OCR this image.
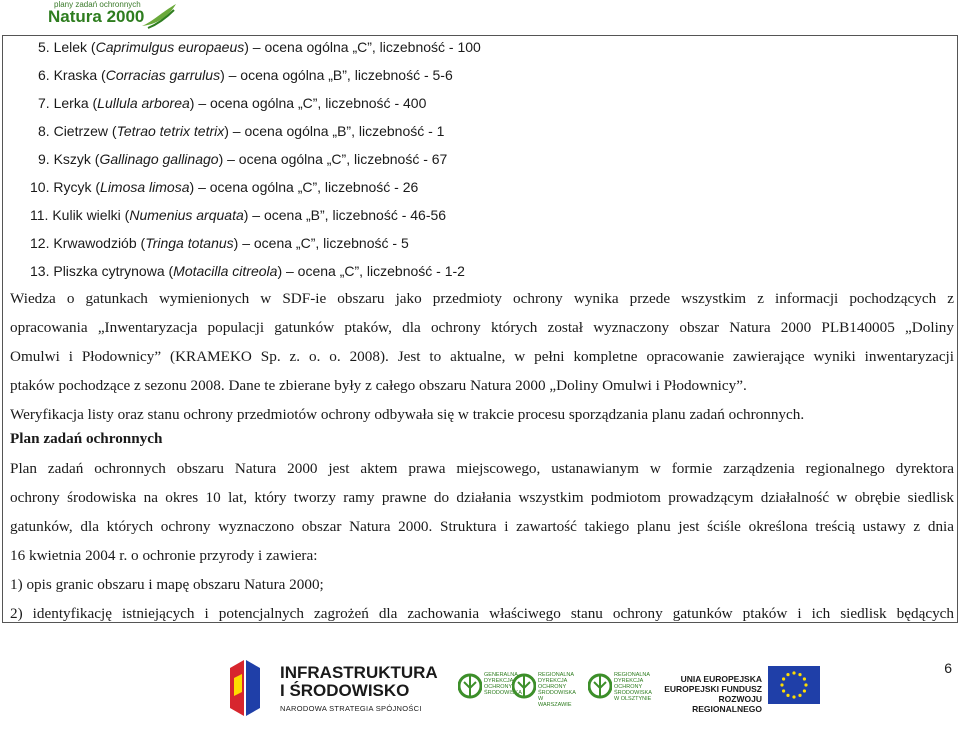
plany zadań ochronnych
Natura 2000
5. Lelek (Caprimulgus europaeus) – ocena ogólna „C”, liczebność - 100
6. Kraska (Corracias garrulus) – ocena ogólna „B”, liczebność - 5-6
7. Lerka (Lullula arborea) – ocena ogólna „C”, liczebność - 400
8. Cietrzew (Tetrao tetrix tetrix) – ocena ogólna „B”, liczebność - 1
9. Kszyk (Gallinago gallinago) – ocena ogólna „C”, liczebność - 67
10. Rycyk (Limosa limosa) – ocena ogólna „C”, liczebność - 26
11. Kulik wielki (Numenius arquata) – ocena „B”, liczebność - 46-56
12. Krwawodziób (Tringa totanus) – ocena „C”, liczebność - 5
13. Pliszka cytrynowa (Motacilla citreola) – ocena „C”, liczebność - 1-2
Wiedza o gatunkach wymienionych w SDF-ie obszaru jako przedmioty ochrony wynika przede wszystkim z informacji pochodzących z
opracowania „Inwentaryzacja populacji gatunków ptaków, dla ochrony których został wyznaczony obszar Natura 2000 PLB140005 „Doliny
Omulwi i Płodownicy” (KRAMEKO Sp. z. o. o. 2008). Jest to aktualne, w pełni kompletne opracowanie zawierające wyniki inwentaryzacji
ptaków pochodzące z sezonu 2008. Dane te zbierane były z całego obszaru Natura 2000 „Doliny Omulwi i Płodownicy”.
Weryfikacja listy oraz stanu ochrony przedmiotów ochrony odbywała się w trakcie procesu sporządzania planu zadań ochronnych.
Plan zadań ochronnych
Plan zadań ochronnych obszaru Natura 2000 jest aktem prawa miejscowego, ustanawianym w formie zarządzenia regionalnego dyrektora
ochrony środowiska na okres 10 lat, który tworzy ramy prawne do działania wszystkim podmiotom prowadzącym działalność w obrębie siedlisk
gatunków, dla których ochrony wyznaczono obszar Natura 2000. Struktura i zawartość takiego planu jest ściśle określona treścią ustawy z dnia
16 kwietnia 2004 r. o ochronie przyrody i zawiera:
1) opis granic obszaru i mapę obszaru Natura 2000;
2) identyfikację istniejących i potencjalnych zagrożeń dla zachowania właściwego stanu ochrony gatunków ptaków i ich siedlisk będących
INFRASTRUKTURA
I ŚRODOWISKO
NARODOWA STRATEGIA SPÓJNOŚCI
GENERALNA DYREKCJA OCHRONY ŚRODOWISKA
REGIONALNA DYREKCJA OCHRONY ŚRODOWISKA W WARSZAWIE
REGIONALNA DYREKCJA OCHRONY ŚRODOWISKA W OLSZTYNIE
UNIA EUROPEJSKA
EUROPEJSKI FUNDUSZ
ROZWOJU REGIONALNEGO
6
